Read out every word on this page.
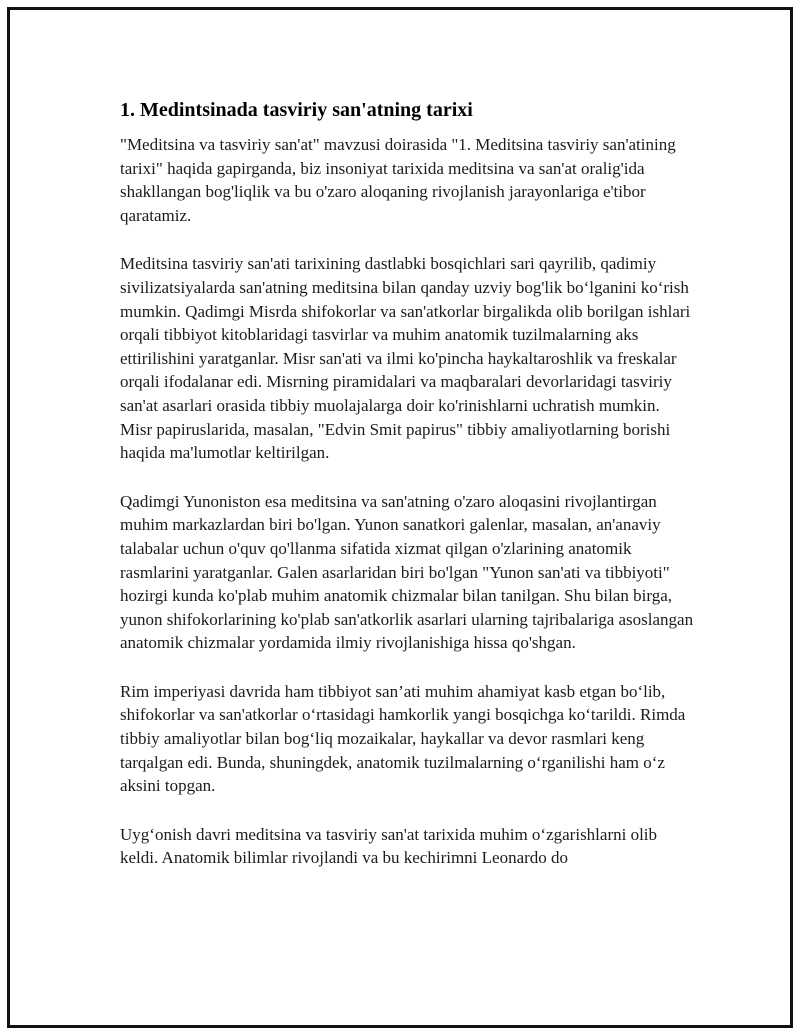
1. Medintsinada tasviriy san'atning tarixi

"Meditsina va tasviriy san'at" mavzusi doirasida "1. Meditsina tasviriy san'atining tarixi" haqida gapirganda, biz insoniyat tarixida meditsina va san'at oralig'ida shakllangan bog'liqlik va bu o'zaro aloqaning rivojlanish jarayonlariga e'tibor qaratamiz.

Meditsina tasviriy san'ati tarixining dastlabki bosqichlari sari qayrilib, qadimiy sivilizatsiyalarda san'atning meditsina bilan qanday uzviy bog'lik bo‘lganini ko‘rish mumkin. Qadimgi Misrda shifokorlar va san'atkorlar birgalikda olib borilgan ishlari orqali tibbiyot kitoblaridagi tasvirlar va muhim anatomik tuzilmalarning aks ettirilishini yaratganlar. Misr san'ati va ilmi ko'pincha haykaltaroshlik va freskalar orqali ifodalanar edi. Misrning piramidalari va maqbaralari devorlaridagi tasviriy san'at asarlari orasida tibbiy muolajalarga doir ko'rinishlarni uchratish mumkin. Misr papiruslarida, masalan, "Edvin Smit papirus" tibbiy amaliyotlarning borishi haqida ma'lumotlar keltirilgan.

Qadimgi Yunoniston esa meditsina va san'atning o'zaro aloqasini rivojlantirgan muhim markazlardan biri bo'lgan. Yunon sanatkori galenlar, masalan, an'anaviy talabalar uchun o'quv qo'llanma sifatida xizmat qilgan o'zlarining anatomik rasmlarini yaratganlar. Galen asarlaridan biri bo'lgan "Yunon san'ati va tibbiyoti" hozirgi kunda ko'plab muhim anatomik chizmalar bilan tanilgan. Shu bilan birga, yunon shifokorlarining ko'plab san'atkorlik asarlari ularning tajribalariga asoslangan anatomik chizmalar yordamida ilmiy rivojlanishiga hissa qo'shgan.

Rim imperiyasi davrida ham tibbiyot san’ati muhim ahamiyat kasb etgan bo‘lib, shifokorlar va san'atkorlar o‘rtasidagi hamkorlik yangi bosqichga ko‘tarildi. Rimda tibbiy amaliyotlar bilan bog‘liq mozaikalar, haykallar va devor rasmlari keng tarqalgan edi. Bunda, shuningdek, anatomik tuzilmalarning o‘rganilishi ham o‘z aksini topgan.

Uyg‘onish davri meditsina va tasviriy san'at tarixida muhim o‘zgarishlarni olib keldi. Anatomik bilimlar rivojlandi va bu kechirimni Leonardo do
